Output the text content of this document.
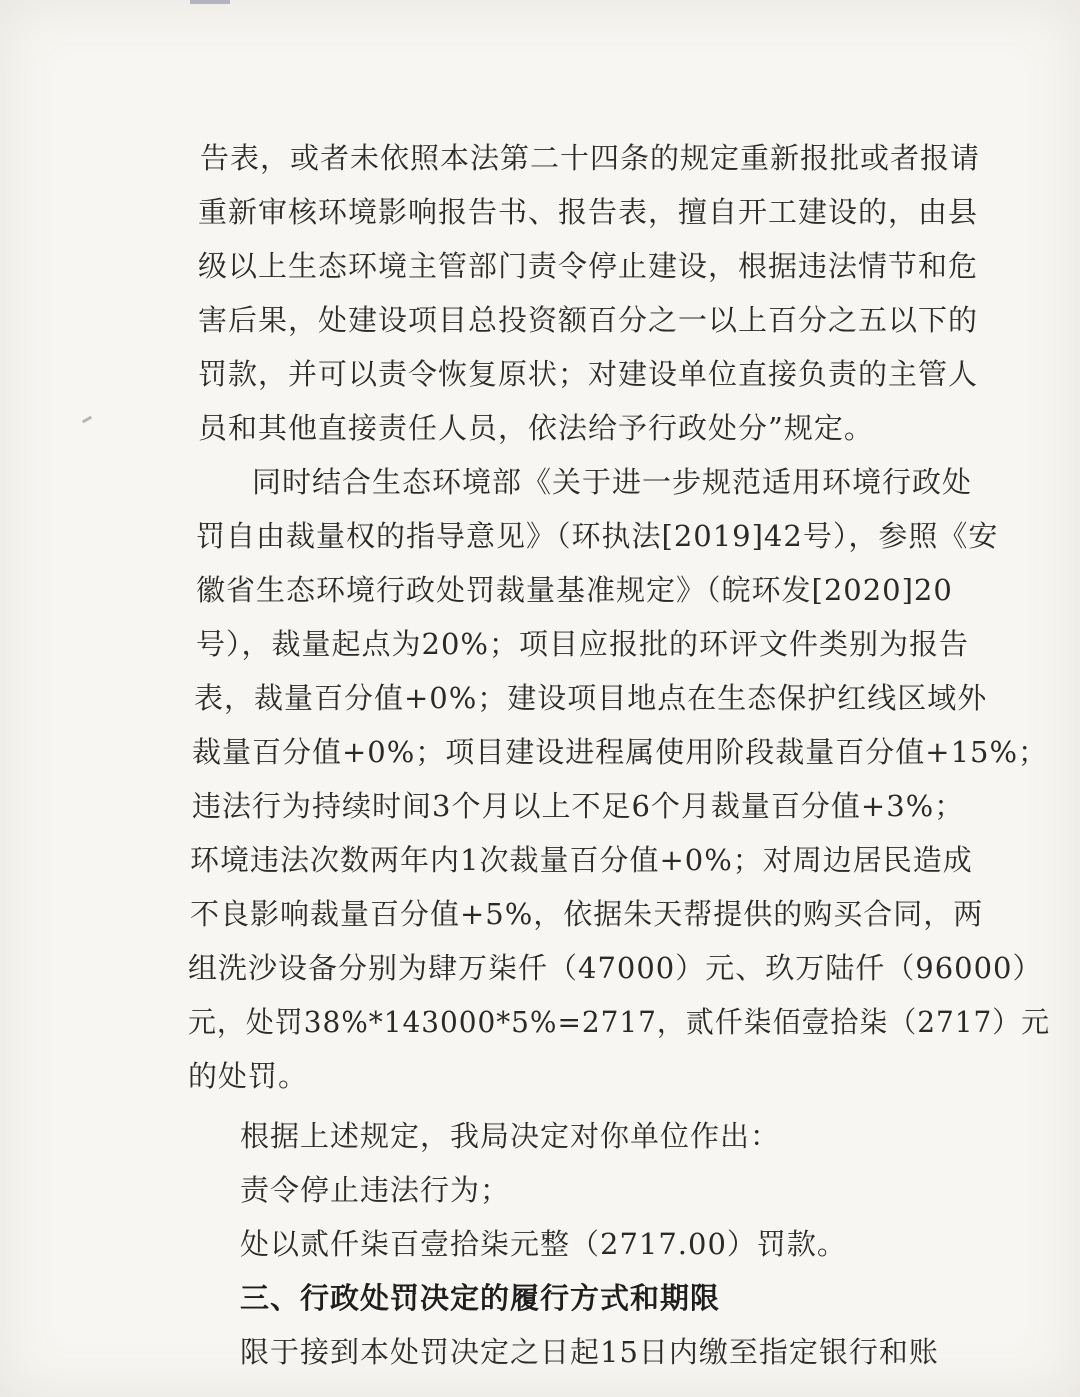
告表，或者未依照本法第二十四条的规定重新报批或者报请
重新审核环境影响报告书、报告表，擅自开工建设的，由县
级以上生态环境主管部门责令停止建设，根据违法情节和危
害后果，处建设项目总投资额百分之一以上百分之五以下的
罚款，并可以责令恢复原状；对建设单位直接负责的主管人
员和其他直接责任人员，依法给予行政处分”规定。
同时结合生态环境部《关于进一步规范适用环境行政处
罚自由裁量权的指导意见》（环执法[2019]42号），参照《安
徽省生态环境行政处罚裁量基准规定》（皖环发[2020]20
号），裁量起点为20%；项目应报批的环评文件类别为报告
表，裁量百分值+0%；建设项目地点在生态保护红线区域外
裁量百分值+0%；项目建设进程属使用阶段裁量百分值+15%；
违法行为持续时间3个月以上不足6个月裁量百分值+3%；
环境违法次数两年内1次裁量百分值+0%；对周边居民造成
不良影响裁量百分值+5%，依据朱天帮提供的购买合同，两
组洗沙设备分别为肆万柒仟（47000）元、玖万陆仟（96000）
元，处罚38%*143000*5%=2717，贰仟柒佰壹拾柒（2717）元
的处罚。
根据上述规定，我局决定对你单位作出：
责令停止违法行为；
处以贰仟柒百壹拾柒元整（2717.00）罚款。
三、行政处罚决定的履行方式和期限
限于接到本处罚决定之日起15日内缴至指定银行和账
